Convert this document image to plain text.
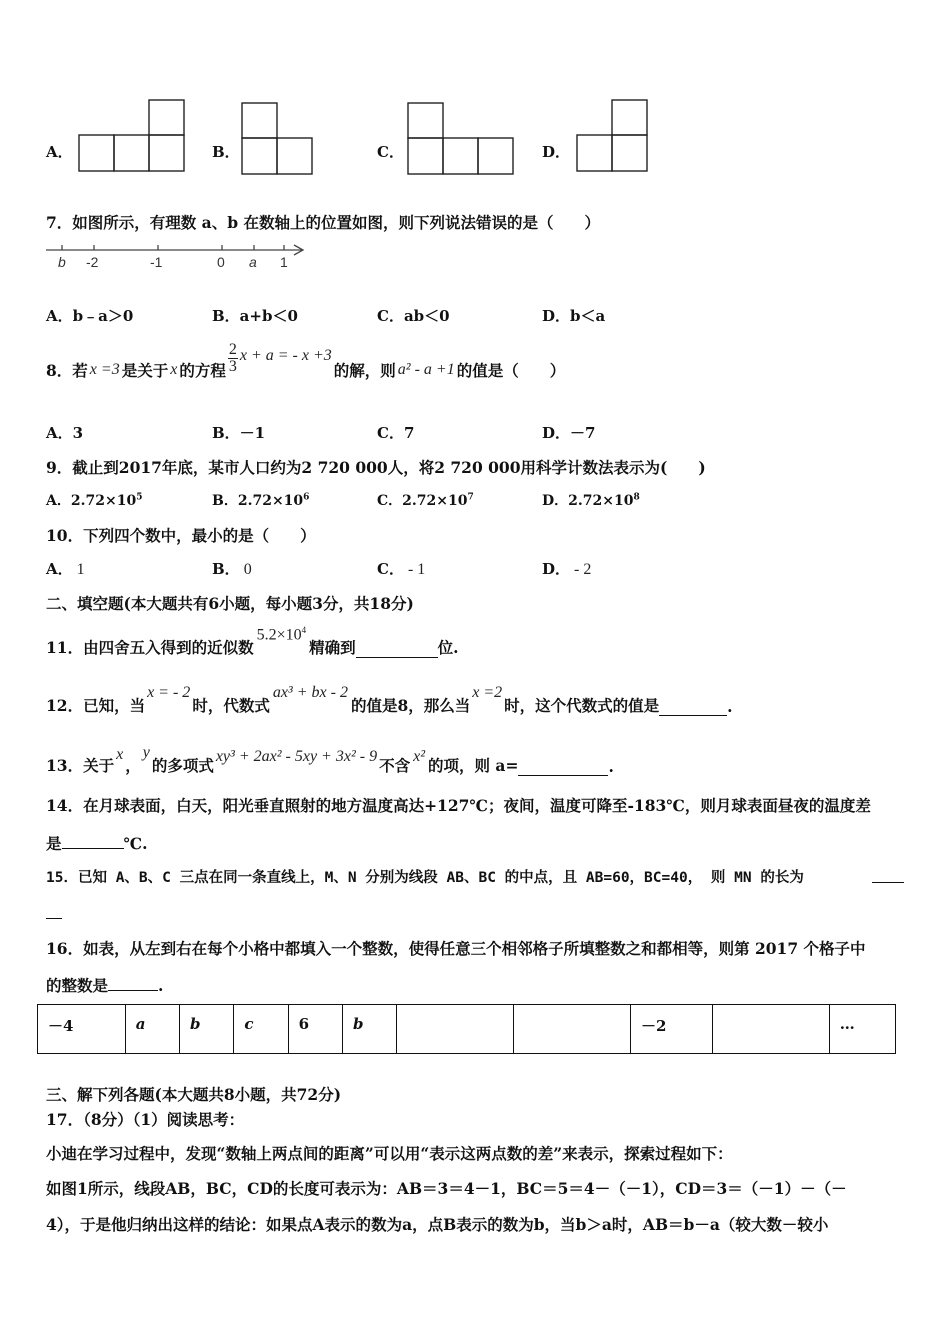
A．	B．	C．	D．
7．如图所示，有理数 a、b 在数轴上的位置如图，则下列说法错误的是（　　）
b -2	-1	0 a 1
A．b﹣a＞0	B．a+b＜0	C．ab＜0	D．b＜a
8．若 x =3 是关于 x 的方程 $\frac{2}{3}$ x + a = - x +3
的解，则 a² - a +1 的值是（　　）
A．3	B．－1	C．7	D．－7
9．截止到2017年底，某市人口约为2 720 000人，将2 720 000用科学计数法表示为(　　)
A．$2.72\times 10^5$	B．$2.72\times 10^6$	C．$2.72\times 10^7$	D．$2.72\times 10^8$
10．下列四个数中，最小的是（　　）
A． 1	B． 0	C． - 1	D． - 2
二、填空题(本大题共有6小题，每小题3分，共18分)
11．由四舍五入得到的近似数
$5.2\times 10^4$
精确到	位.
12．已知，当
x = - 2
时，代数式
ax³ + bx - 2
的值是8，那么当
x =2
时，这个代数式的值是	.
13．关于
x
，
y
的多项式 xy³ + 2ax² - 5xy + 3x² - 9 不含 x² 的项，则 a=	.
14．在月球表面，白天，阳光垂直照射的地方温度高达+127℃；夜间，温度可降至-183℃，则月球表面昼夜的温度差
是	℃.
15．已知 A、B、C 三点在同一条直线上，M、N 分别为线段 AB、BC 的中点，且 AB=60，BC=40， 则 MN 的长为
16．如表，从左到右在每个小格中都填入一个整数，使得任意三个相邻格子所填整数之和都相等，则第 2017 个格子中
的整数是	.
－4	a	b	c	6	b			－2		…
三、解下列各题(本大题共8小题，共72分)
17．（8分）（1）阅读思考：
小迪在学习过程中，发现“数轴上两点间的距离”可以用“表示这两点数的差”来表示，探索过程如下：
如图1所示，线段AB，BC，CD的长度可表示为：AB＝3＝4－1，BC＝5＝4－（－1），CD＝3＝（－1）－（－
4），于是他归纳出这样的结论：如果点A表示的数为a，点B表示的数为b，当b＞a时，AB＝b－a（较大数－较小
